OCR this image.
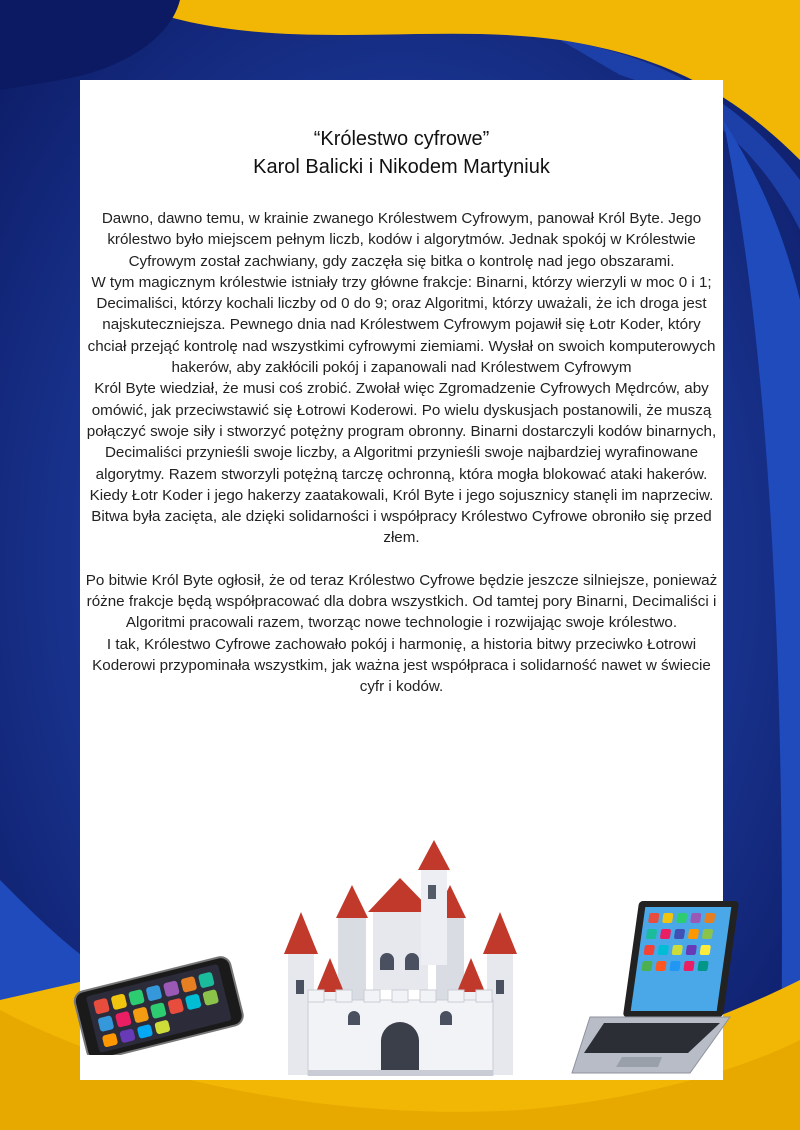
“Królestwo cyfrowe”
Karol Balicki i Nikodem Martyniuk

Dawno, dawno temu, w krainie zwanego Królestwem Cyfrowym, panował Król Byte. Jego królestwo było miejscem pełnym liczb, kodów i algorytmów. Jednak spokój w Królestwie Cyfrowym został zachwiany, gdy zaczęła się bitka o kontrolę nad jego obszarami.

W tym magicznym królestwie istniały trzy główne frakcje: Binarni, którzy wierzyli w moc 0 i 1; Decimaliści, którzy kochali liczby od 0 do 9; oraz Algoritmi, którzy uważali, że ich droga jest najskuteczniejsza. Pewnego dnia nad Królestwem Cyfrowym pojawił się Łotr Koder, który chciał przejąć kontrolę nad wszystkimi cyfrowymi ziemiami. Wysłał on swoich komputerowych hakerów, aby zakłócili pokój i zapanowali nad Królestwem Cyfrowym

Król Byte wiedział, że musi coś zrobić. Zwołał więc Zgromadzenie Cyfrowych Mędrców, aby omówić, jak przeciwstawić się Łotrowi Koderowi. Po wielu dyskusjach postanowili, że muszą połączyć swoje siły i stworzyć potężny program obronny. Binarni dostarczyli kodów binarnych, Decimaliści przynieśli swoje liczby, a Algoritmi przynieśli swoje najbardziej wyrafinowane algorytmy. Razem stworzyli potężną tarczę ochronną, która mogła blokować ataki hakerów.

Kiedy Łotr Koder i jego hakerzy zaatakowali, Król Byte i jego sojusznicy stanęli im naprzeciw. Bitwa była zacięta, ale dzięki solidarności i współpracy Królestwo Cyfrowe obroniło się przed złem.

Po bitwie Król Byte ogłosił, że od teraz Królestwo Cyfrowe będzie jeszcze silniejsze, ponieważ różne frakcje będą współpracować dla dobra wszystkich. Od tamtej pory Binarni, Decimaliści i Algoritmi pracowali razem, tworząc nowe technologie i rozwijając swoje królestwo.

I tak, Królestwo Cyfrowe zachowało pokój i harmonię, a historia bitwy przeciwko Łotrowi Koderowi przypominała wszystkim, jak ważna jest współpraca i solidarność nawet w świecie cyfr i kodów.
